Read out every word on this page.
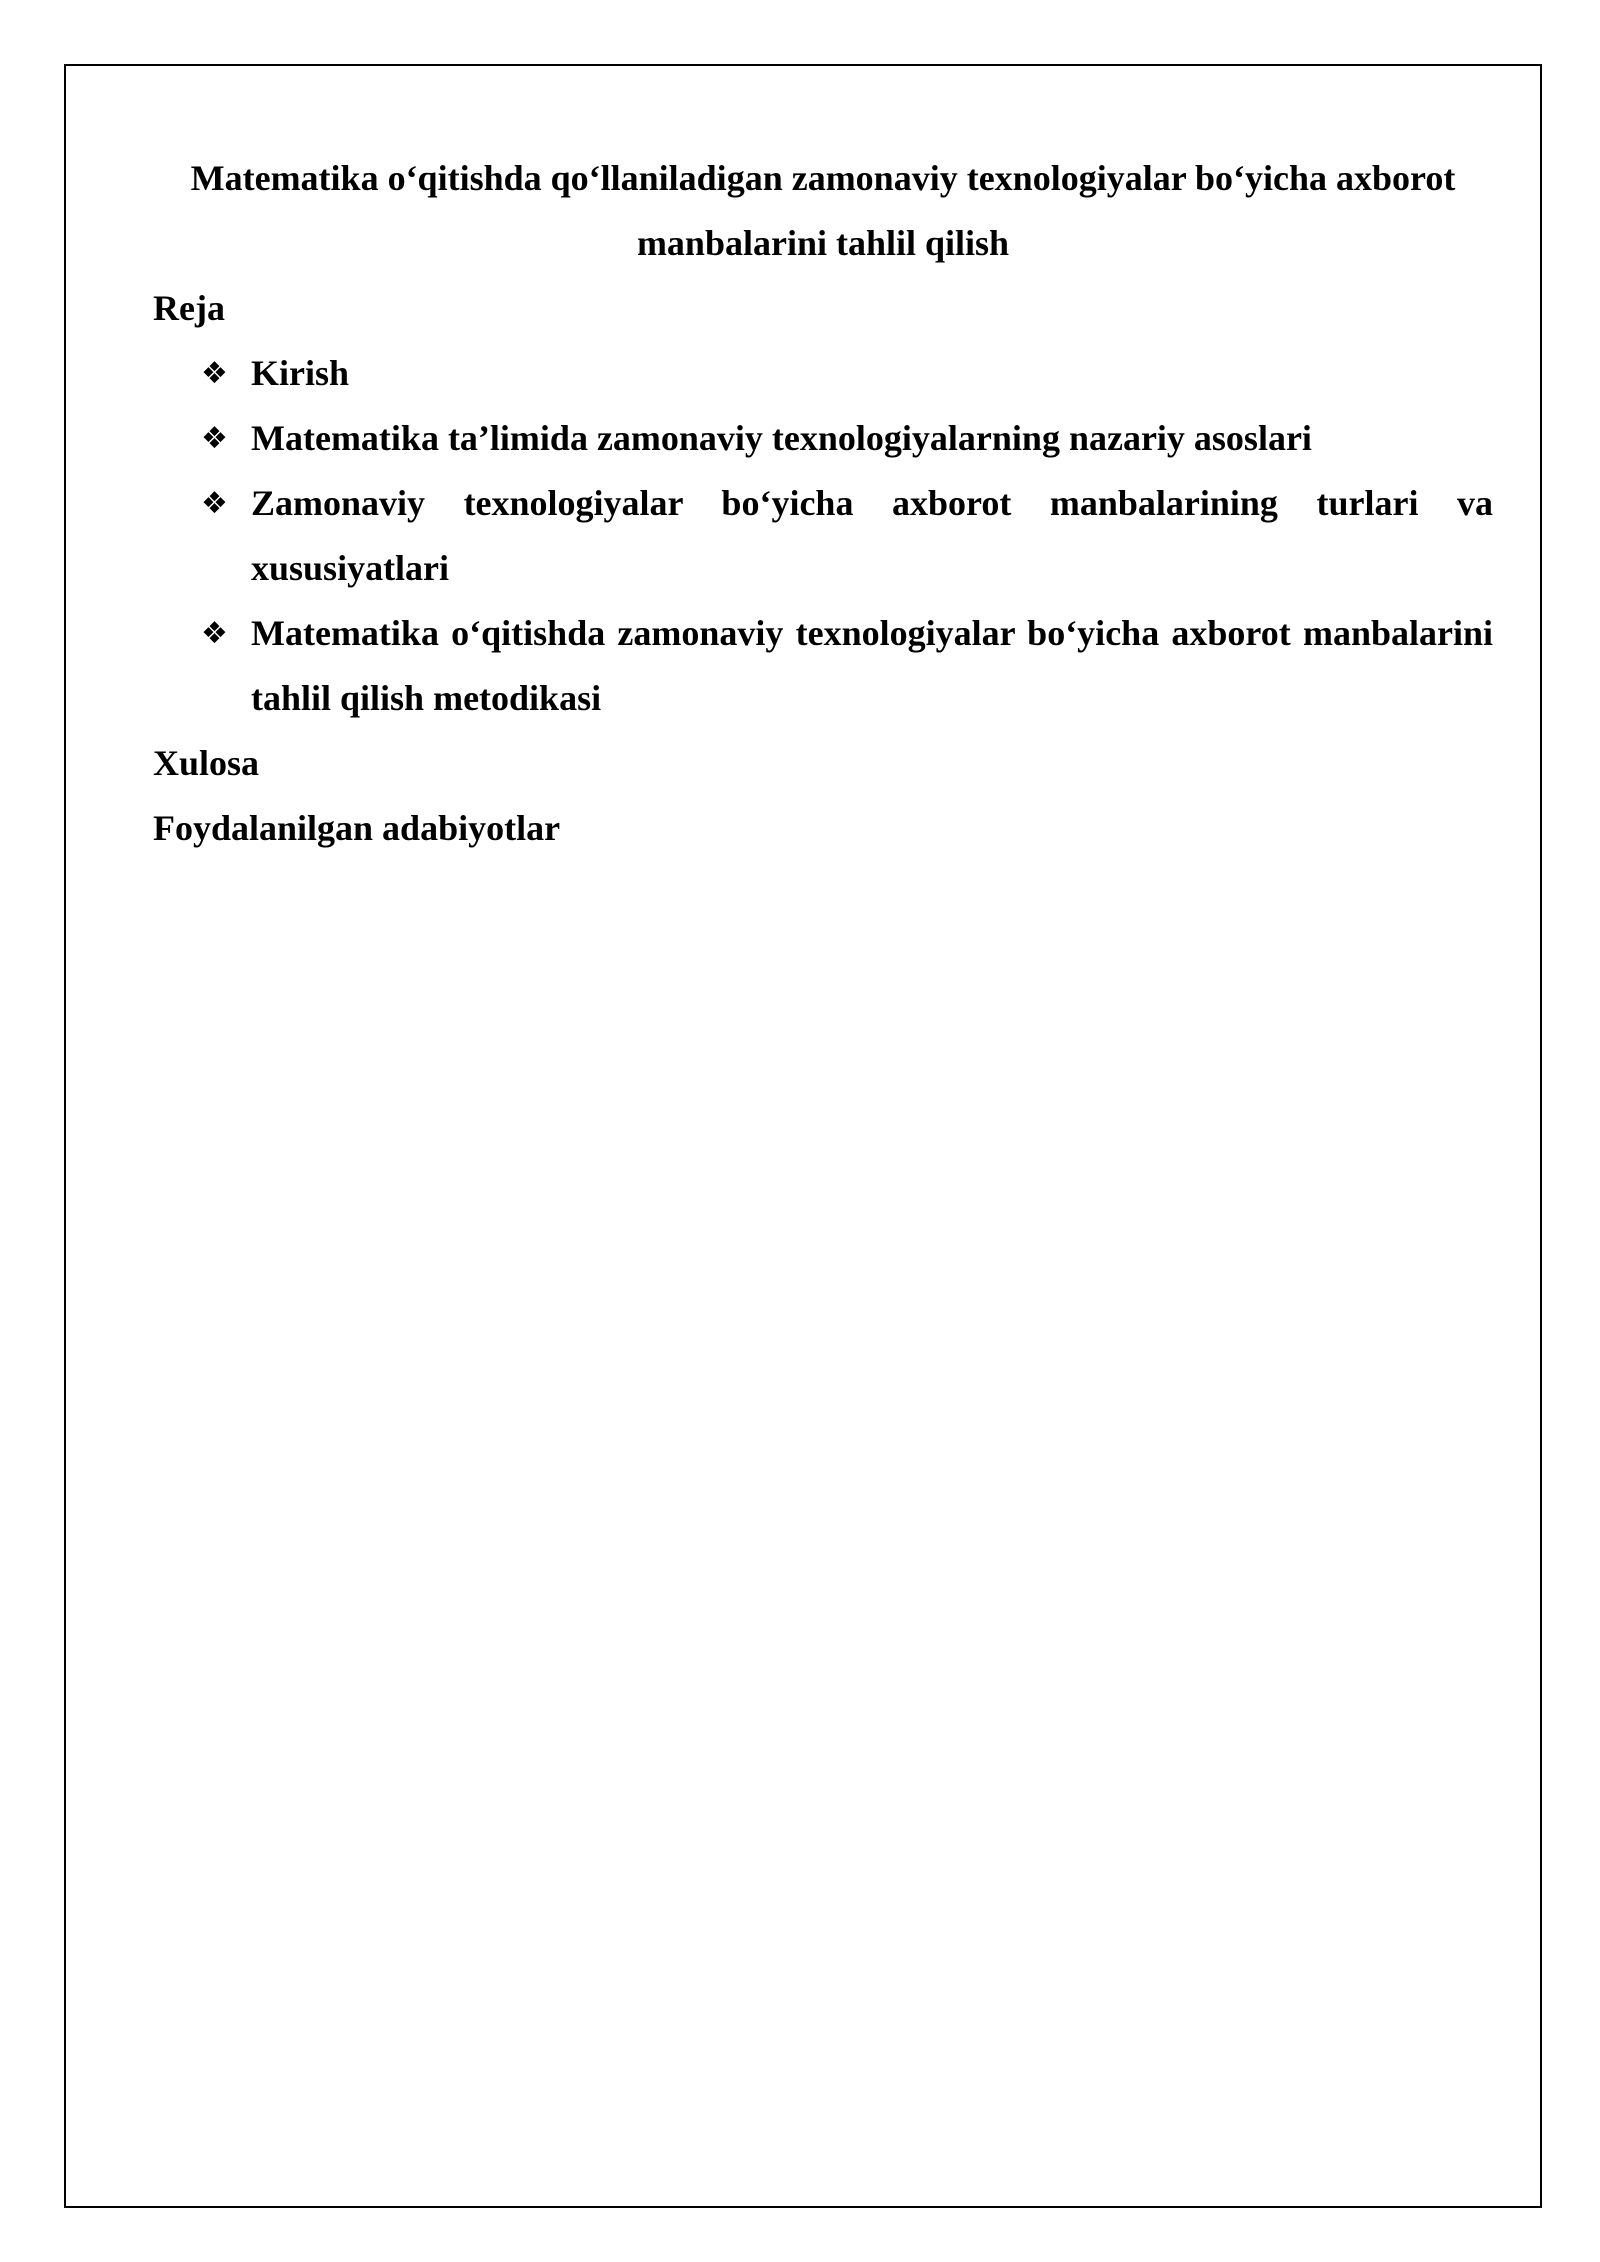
Matematika o‘qitishda qo‘llaniladigan zamonaviy texnologiyalar bo‘yicha axborot manbalarini tahlil qilish
Reja
❖ Kirish
❖ Matematika ta’limida zamonaviy texnologiyalarning nazariy asoslari
❖ Zamonaviy texnologiyalar bo‘yicha axborot manbalarining turlari va xususiyatlari
❖ Matematika o‘qitishda zamonaviy texnologiyalar bo‘yicha axborot manbalarini tahlil qilish metodikasi
Xulosa
Foydalanilgan adabiyotlar
